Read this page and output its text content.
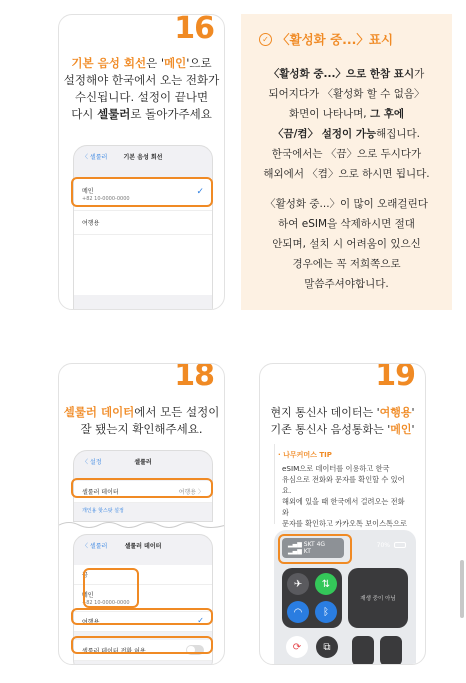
16
기본 음성 회선은 '메인'으로
설정해야 한국에서 오는 전화가
수신됩니다. 설정이 끝나면
다시 셀룰러로 돌아가주세요
〈 셀룰러	기본 음성 회선
메인
+82 10-0000-0000
✓
여행용
✓ 〈활성화 중...〉표시
〈활성화 중...〉으로 한참 표시가
되어지다가 〈활성화 할 수 없음〉
화면이 나타나며, 그 후에
〈끔/켬〉 설정이 가능해집니다.
한국에서는 〈끔〉으로 두시다가
해외에서 〈켬〉으로 하시면 됩니다.
〈활성화 중...〉이 많이 오래걸린다
하여 eSIM을 삭제하시면 절대
안되며, 설치 시 어려움이 있으신
경우에는 꼭 저희쪽으로
말씀주셔야합니다.
18
셀룰러 데이터에서 모든 설정이
잘 됐는지 확인해주세요.
〈 설정	셀룰러
셀룰러 데이터	여행용 〉
개인용 핫스팟 설정
〈 셀룰러	셀룰러 데이터
끔
메인
+82 10-0000-0000
여행용	✓
셀룰러 데이터 전환 허용
19
현지 통신사 데이터는 '여행용'
기존 통신사 음성통화는 '메인'
· 나무커머스 TIP
eSIM으로 데이터를 이용하고 한국
유심으로 전화와 문자를 확인할 수 있어요.
해외에 있을 때 한국에서 걸려오는 전화와
문자를 확인하고 카카오톡 보이스톡으로
▂▄▆ SKT 4G
▂▄▆ KT
70%
✈	⇅
◠	ᛒ
재생 중이 아님
⟳	⧉
